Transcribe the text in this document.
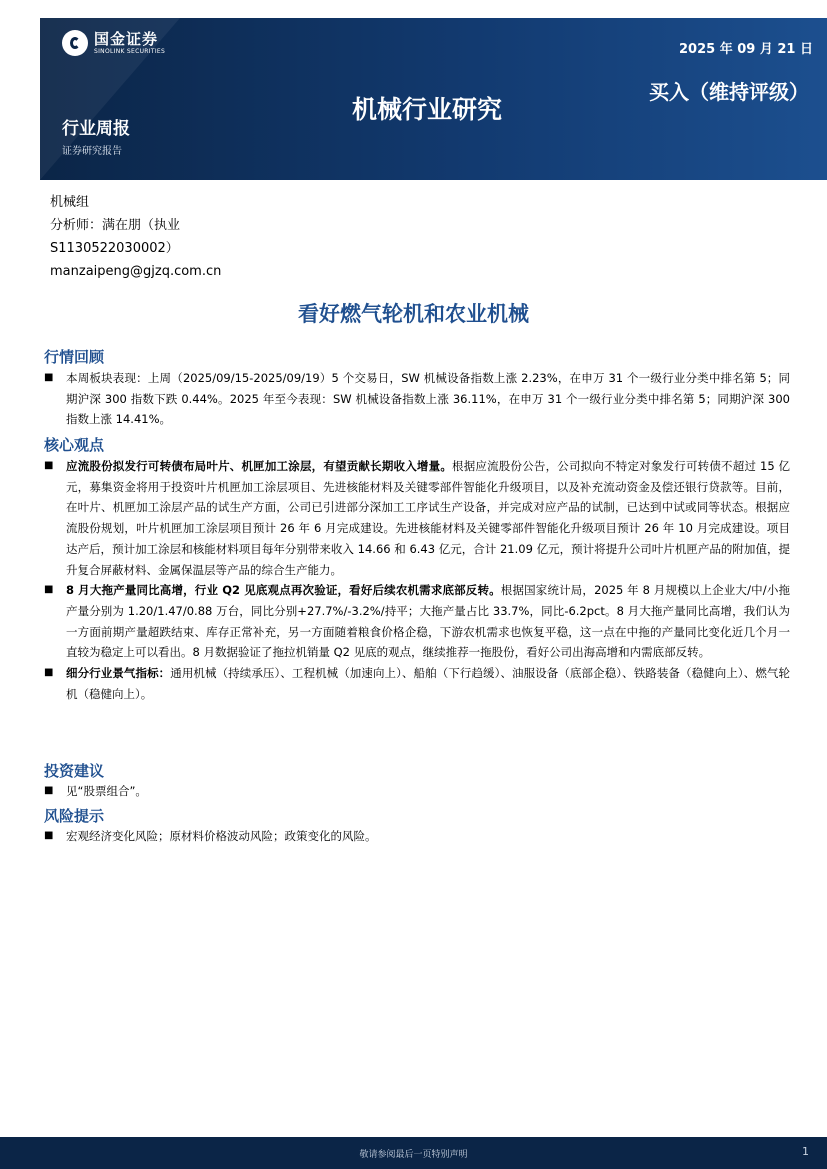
国金证券
SINOLINK SECURITIES	2025 年 09 月 21 日
买入（维持评级）
机械行业研究
行业周报
证券研究报告
机械组
分析师：满在朋（执业
S1130522030002）
manzaipeng@gjzq.com.cn
看好燃气轮机和农业机械
行情回顾
■	本周板块表现：上周（2025/09/15-2025/09/19）5 个交易日，SW 机械设备指数上涨 2.23%，在申万 31 个一级行业分类中排名第 5；同期沪深 300 指数下跌 0.44%。2025 年至今表现：SW 机械设备指数上涨 36.11%，在申万 31 个一级行业分类中排名第 5；同期沪深 300 指数上涨 14.41%。
核心观点
■	应流股份拟发行可转债布局叶片、机匣加工涂层，有望贡献长期收入增量。根据应流股份公告，公司拟向不特定对象发行可转债不超过 15 亿元，募集资金将用于投资叶片机匣加工涂层项目、先进核能材料及关键零部件智能化升级项目，以及补充流动资金及偿还银行贷款等。目前，在叶片、机匣加工涂层产品的试生产方面，公司已引进部分深加工工序试生产设备，并完成对应产品的试制，已达到中试或同等状态。根据应流股份规划，叶片机匣加工涂层项目预计 26 年 6 月完成建设。先进核能材料及关键零部件智能化升级项目预计 26 年 10 月完成建设。项目达产后，预计加工涂层和核能材料项目每年分别带来收入 14.66 和 6.43 亿元，合计 21.09 亿元，预计将提升公司叶片机匣产品的附加值，提升复合屏蔽材料、金属保温层等产品的综合生产能力。
■	8 月大拖产量同比高增，行业 Q2 见底观点再次验证，看好后续农机需求底部反转。根据国家统计局，2025 年 8 月规模以上企业大/中/小拖产量分别为 1.20/1.47/0.88 万台，同比分别+27.7%/-3.2%/持平；大拖产量占比 33.7%，同比-6.2pct。8 月大拖产量同比高增，我们认为一方面前期产量超跌结束、库存正常补充，另一方面随着粮食价格企稳，下游农机需求也恢复平稳，这一点在中拖的产量同比变化近几个月一直较为稳定上可以看出。8 月数据验证了拖拉机销量 Q2 见底的观点，继续推荐一拖股份，看好公司出海高增和内需底部反转。
■	细分行业景气指标：通用机械（持续承压）、工程机械（加速向上）、船舶（下行趋缓）、油服设备（底部企稳）、铁路装备（稳健向上）、燃气轮机（稳健向上）。
投资建议
■	见“股票组合”。
风险提示
■	宏观经济变化风险；原材料价格波动风险；政策变化的风险。
敬请参阅最后一页特别声明	1
